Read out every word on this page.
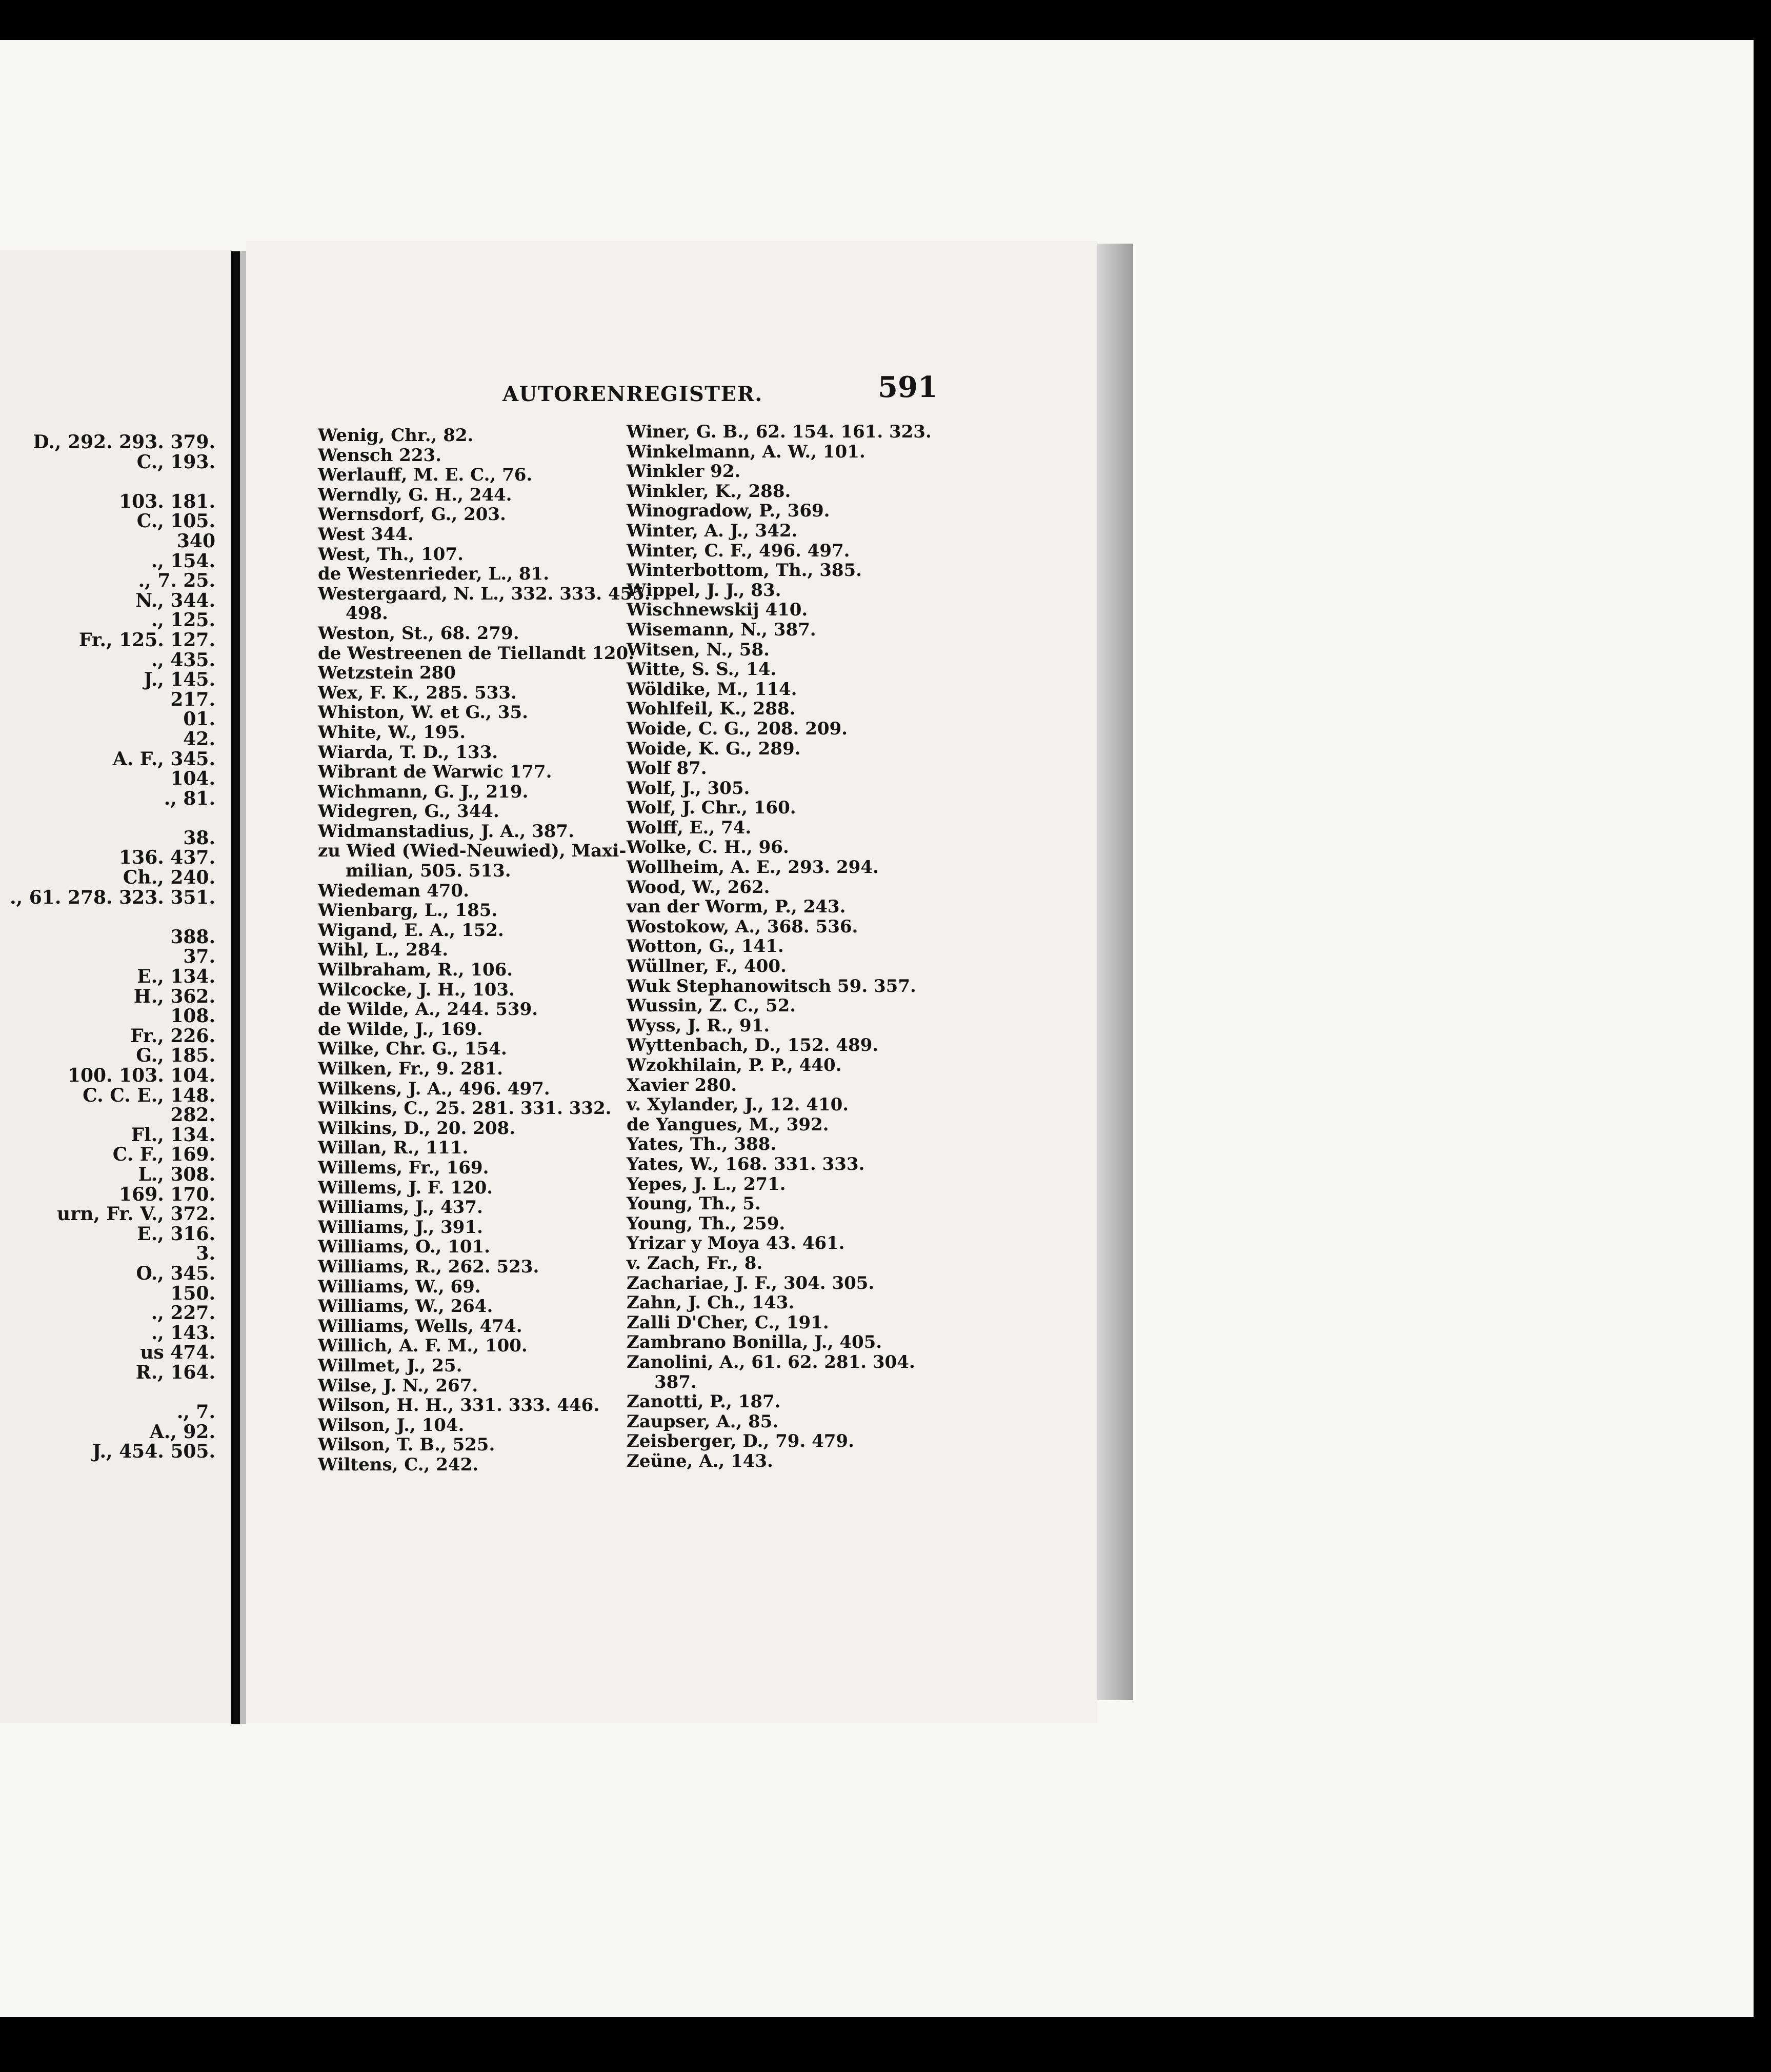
D., 292. 293. 379.
C., 193.
103. 181.
C., 105.
340
., 154.
., 7. 25.
N., 344.
., 125.
Fr., 125. 127.
., 435.
J., 145.
217.
01.
42.
A. F., 345.
104.
., 81.
38.
136. 437.
Ch., 240.
., 61. 278. 323. 351.
388.
37.
E., 134.
H., 362.
108.
Fr., 226.
G., 185.
100. 103. 104.
C. C. E., 148.
282.
Fl., 134.
C. F., 169.
L., 308.
169. 170.
urn, Fr. V., 372.
E., 316.
3.
O., 345.
150.
., 227.
., 143.
us 474.
R., 164.
., 7.
A., 92.
J., 454. 505.
AUTORENREGISTER.	591
Wenig, Chr., 82.
Wensch 223.
Werlauff, M. E. C., 76.
Werndly, G. H., 244.
Wernsdorf, G., 203.
West 344.
West, Th., 107.
de Westenrieder, L., 81.
Westergaard, N. L., 332. 333. 455.
498.
Weston, St., 68. 279.
de Westreenen de Tiellandt 120.
Wetzstein 280
Wex, F. K., 285. 533.
Whiston, W. et G., 35.
White, W., 195.
Wiarda, T. D., 133.
Wibrant de Warwic 177.
Wichmann, G. J., 219.
Widegren, G., 344.
Widmanstadius, J. A., 387.
zu Wied (Wied-Neuwied), Maxi-
milian, 505. 513.
Wiedeman 470.
Wienbarg, L., 185.
Wigand, E. A., 152.
Wihl, L., 284.
Wilbraham, R., 106.
Wilcocke, J. H., 103.
de Wilde, A., 244. 539.
de Wilde, J., 169.
Wilke, Chr. G., 154.
Wilken, Fr., 9. 281.
Wilkens, J. A., 496. 497.
Wilkins, C., 25. 281. 331. 332.
Wilkins, D., 20. 208.
Willan, R., 111.
Willems, Fr., 169.
Willems, J. F. 120.
Williams, J., 437.
Williams, J., 391.
Williams, O., 101.
Williams, R., 262. 523.
Williams, W., 69.
Williams, W., 264.
Williams, Wells, 474.
Willich, A. F. M., 100.
Willmet, J., 25.
Wilse, J. N., 267.
Wilson, H. H., 331. 333. 446.
Wilson, J., 104.
Wilson, T. B., 525.
Wiltens, C., 242.
Winer, G. B., 62. 154. 161. 323.
Winkelmann, A. W., 101.
Winkler 92.
Winkler, K., 288.
Winogradow, P., 369.
Winter, A. J., 342.
Winter, C. F., 496. 497.
Winterbottom, Th., 385.
Wippel, J. J., 83.
Wischnewskij 410.
Wisemann, N., 387.
Witsen, N., 58.
Witte, S. S., 14.
Wöldike, M., 114.
Wohlfeil, K., 288.
Woide, C. G., 208. 209.
Woide, K. G., 289.
Wolf 87.
Wolf, J., 305.
Wolf, J. Chr., 160.
Wolff, E., 74.
Wolke, C. H., 96.
Wollheim, A. E., 293. 294.
Wood, W., 262.
van der Worm, P., 243.
Wostokow, A., 368. 536.
Wotton, G., 141.
Wüllner, F., 400.
Wuk Stephanowitsch 59. 357.
Wussin, Z. C., 52.
Wyss, J. R., 91.
Wyttenbach, D., 152. 489.
Wzokhilain, P. P., 440.
Xavier 280.
v. Xylander, J., 12. 410.
de Yangues, M., 392.
Yates, Th., 388.
Yates, W., 168. 331. 333.
Yepes, J. L., 271.
Young, Th., 5.
Young, Th., 259.
Yrizar y Moya 43. 461.
v. Zach, Fr., 8.
Zachariae, J. F., 304. 305.
Zahn, J. Ch., 143.
Zalli D'Cher, C., 191.
Zambrano Bonilla, J., 405.
Zanolini, A., 61. 62. 281. 304.
387.
Zanotti, P., 187.
Zaupser, A., 85.
Zeisberger, D., 79. 479.
Zeüne, A., 143.
